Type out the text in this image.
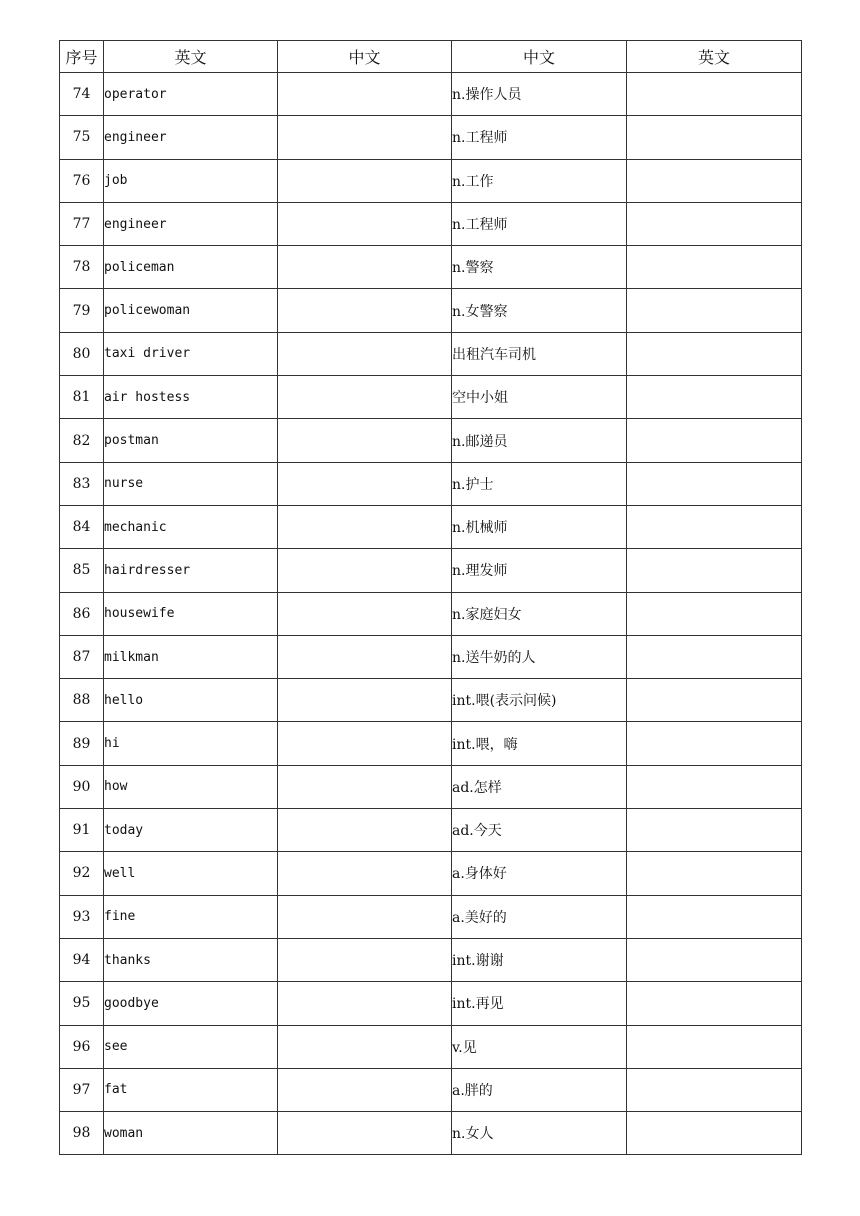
序号	英文	中文	中文	英文
74	operator		n.操作人员	
75	engineer		n.工程师	
76	job		n.工作	
77	engineer		n.工程师	
78	policeman		n.警察	
79	policewoman		n.女警察	
80	taxi driver		出租汽车司机	
81	air hostess		空中小姐	
82	postman		n.邮递员	
83	nurse		n.护士	
84	mechanic		n.机械师	
85	hairdresser		n.理发师	
86	housewife		n.家庭妇女	
87	milkman		n.送牛奶的人	
88	hello		int.喂(表示问候)	
89	hi		int.喂，嗨	
90	how		ad.怎样	
91	today		ad.今天	
92	well		a.身体好	
93	fine		a.美好的	
94	thanks		int.谢谢	
95	goodbye		int.再见	
96	see		v.见	
97	fat		a.胖的	
98	woman		n.女人	
